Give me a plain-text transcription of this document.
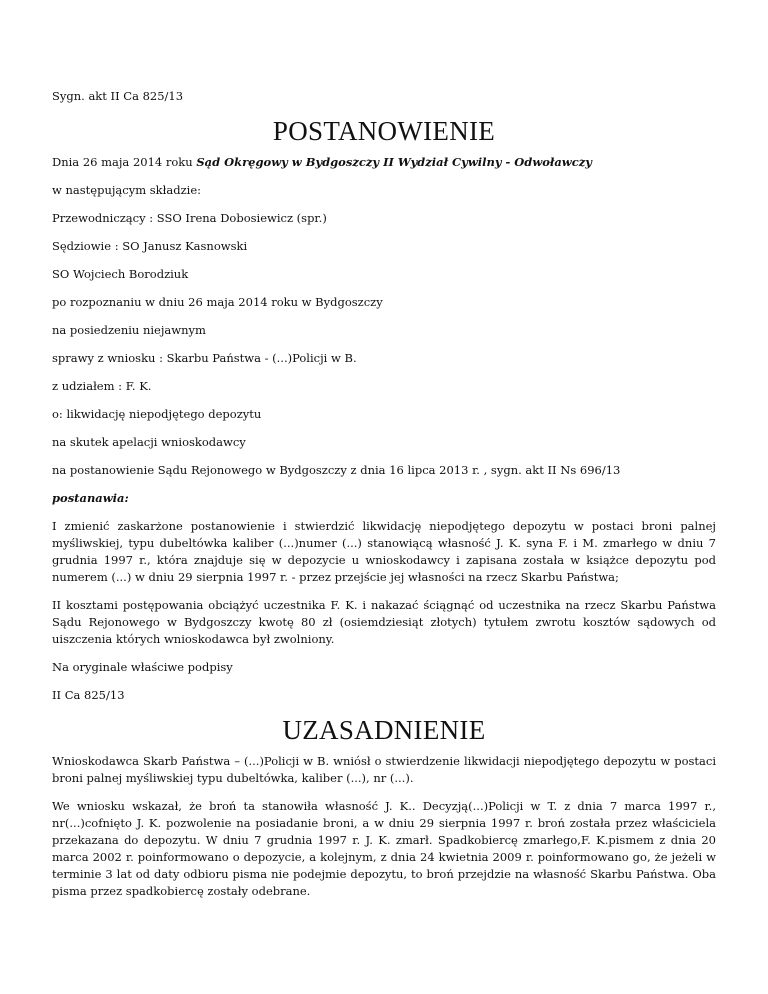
Sygn. akt II Ca 825/13

POSTANOWIENIE

Dnia 26 maja 2014 roku Sąd Okręgowy w Bydgoszczy II Wydział Cywilny - Odwoławczy

w następującym składzie:

Przewodniczący : SSO Irena Dobosiewicz (spr.)

Sędziowie : SO Janusz Kasnowski

SO Wojciech Borodziuk

po rozpoznaniu w dniu 26 maja 2014 roku w Bydgoszczy

na posiedzeniu niejawnym

sprawy z wniosku : Skarbu Państwa - (...)Policji w B.

z udziałem : F. K.

o: likwidację niepodjętego depozytu

na skutek apelacji wnioskodawcy

na postanowienie Sądu Rejonowego w Bydgoszczy z dnia 16 lipca 2013 r. , sygn. akt II Ns 696/13

postanawia:

I zmienić zaskarżone postanowienie i stwierdzić likwidację niepodjętego depozytu w postaci broni palnej myśliwskiej, typu dubeltówka kaliber (...)numer (...) stanowiącą własność J. K. syna F. i M. zmarłego w dniu 7 grudnia 1997 r., która znajduje się w depozycie u wnioskodawcy i zapisana została w książce depozytu pod numerem (...) w dniu 29 sierpnia 1997 r. - przez przejście jej własności na rzecz Skarbu Państwa;

II kosztami postępowania obciążyć uczestnika F. K. i nakazać ściągnąć od uczestnika na rzecz Skarbu Państwa Sądu Rejonowego w Bydgoszczy kwotę 80 zł (osiemdziesiąt złotych) tytułem zwrotu kosztów sądowych od uiszczenia których wnioskodawca był zwolniony.

Na oryginale właściwe podpisy

II Ca 825/13

UZASADNIENIE

Wnioskodawca Skarb Państwa – (...)Policji w B. wniósł o stwierdzenie likwidacji niepodjętego depozytu w postaci broni palnej myśliwskiej typu dubeltówka, kaliber (...), nr (...).

We wniosku wskazał, że broń ta stanowiła własność J. K.. Decyzją(...)Policji w T. z dnia 7 marca 1997 r., nr(...)cofnięto J. K. pozwolenie na posiadanie broni, a w dniu 29 sierpnia 1997 r. broń została przez właściciela przekazana do depozytu. W dniu 7 grudnia 1997 r. J. K. zmarł. Spadkobiercę zmarłego,F. K.pismem z dnia 20 marca 2002 r. poinformowano o depozycie, a kolejnym, z dnia 24 kwietnia 2009 r. poinformowano go, że jeżeli w terminie 3 lat od daty odbioru pisma nie podejmie depozytu, to broń przejdzie na własność Skarbu Państwa. Oba pisma przez spadkobiercę zostały odebrane.
